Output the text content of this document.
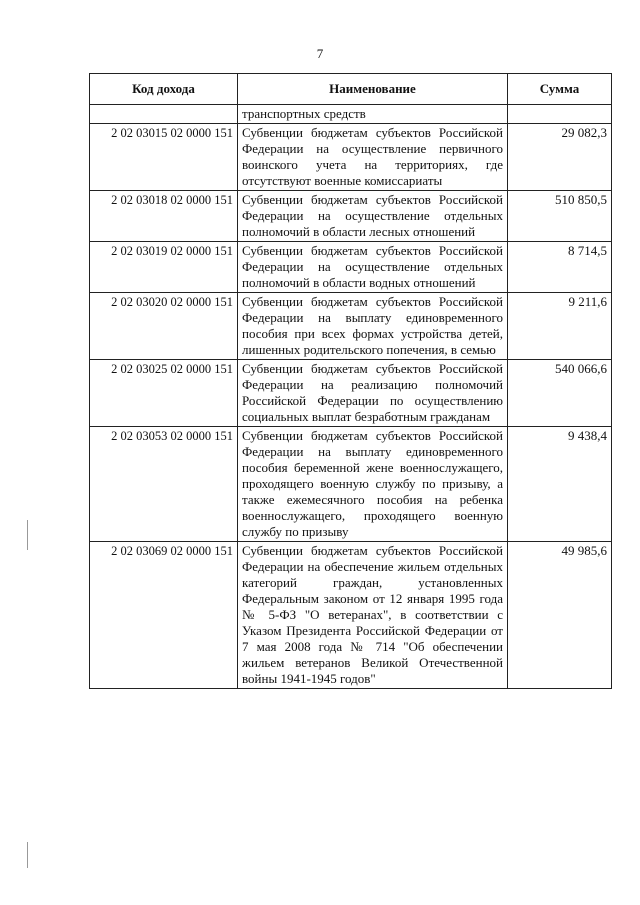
7
Код дохода	Наименование	Сумма
	транспортных средств	
2 02 03015 02 0000 151	Субвенции бюджетам субъектов Российской Федерации на осуществление первичного воинского учета на территориях, где отсутствуют военные комиссариаты	29 082,3
2 02 03018 02 0000 151	Субвенции бюджетам субъектов Российской Федерации на осуществление отдельных полномочий в области лесных отношений	510 850,5
2 02 03019 02 0000 151	Субвенции бюджетам субъектов Российской Федерации на осуществление отдельных полномочий в области водных отношений	8 714,5
2 02 03020 02 0000 151	Субвенции бюджетам субъектов Российской Федерации на выплату единовременного пособия при всех формах устройства детей, лишенных родительского попечения, в семью	9 211,6
2 02 03025 02 0000 151	Субвенции бюджетам субъектов Российской Федерации на реализацию полномочий Российской Федерации по осуществлению социальных выплат безработным гражданам	540 066,6
2 02 03053 02 0000 151	Субвенции бюджетам субъектов Российской Федерации на выплату единовременного пособия беременной жене военнослужащего, проходящего военную службу по призыву, а также ежемесячного пособия на ребенка военнослужащего, проходящего военную службу по призыву	9 438,4
2 02 03069 02 0000 151	Субвенции бюджетам субъектов Российской Федерации на обеспечение жильем отдельных категорий граждан, установленных Федеральным законом от 12 января 1995 года № 5-ФЗ "О ветеранах", в соответствии с Указом Президента Российской Федерации от 7 мая 2008 года № 714 "Об обеспечении жильем ветеранов Великой Отечественной войны 1941-1945 годов"	49 985,6
